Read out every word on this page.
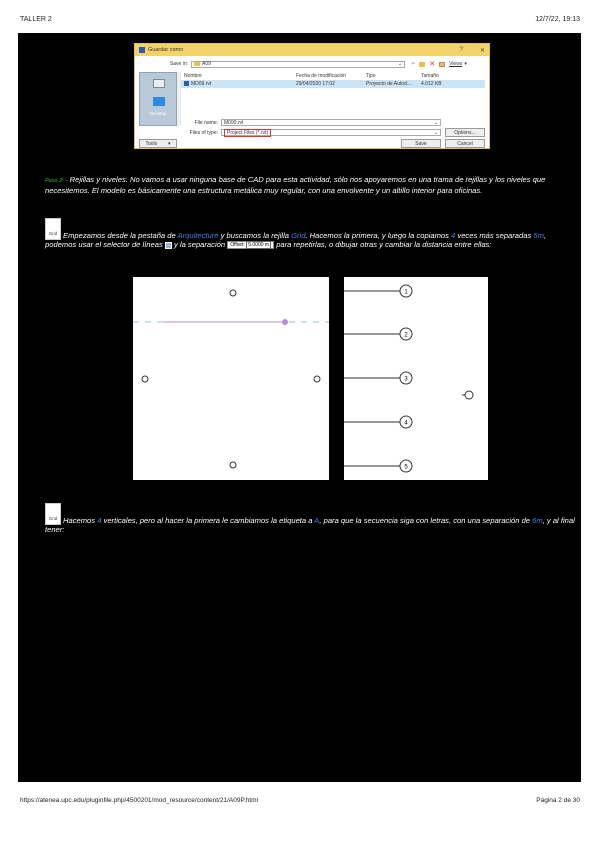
TALLER 2	12/7/22, 19:13
Guardar como	?	✕
Save in:	A09	⌄ ⇦ ✕	Views ▾
Desktop
Nombre	Fecha de modificación	Tipo	Tamaño
MD09.rvt	29/04/2020 17:02	Proyecto de Autod...	4.012 KB
File name:	M099.rvt	⌄
Files of type:	Project Files (*.rvt)	⌄	Options...
Tools ▾	Save	Cancel
Paso 2º - Rejillas y niveles. No vamos a usar ninguna base de CAD para esta actividad, sólo nos apoyaremos en una trama de rejillas y los niveles que necesitemos. El modelo es básicamente una estructura metálica muy regular, con una envolvente y un altillo interior para oficinas.
Grid Empezamos desde la pestaña de Arquitecture y buscamos la rejilla Grid. Hacemos la primera, y luego la copiamos 4 veces más separadas 5m, podemos usar el selector de líneas  y la separación Offset: 5.0000 m para repetirlas, o dibujar otras y cambiar la distancia entre ellas:
1
2
3
4
5
Grid Hacemos 4 verticales, pero al hacer la primera le cambiamos la etiqueta a A, para que la secuencia siga con letras, con una separación de 6m, y al final tener:
https://atenea.upc.edu/pluginfile.php/4500201/mod_resource/content/21/A09P.html	Página 2 de 30
